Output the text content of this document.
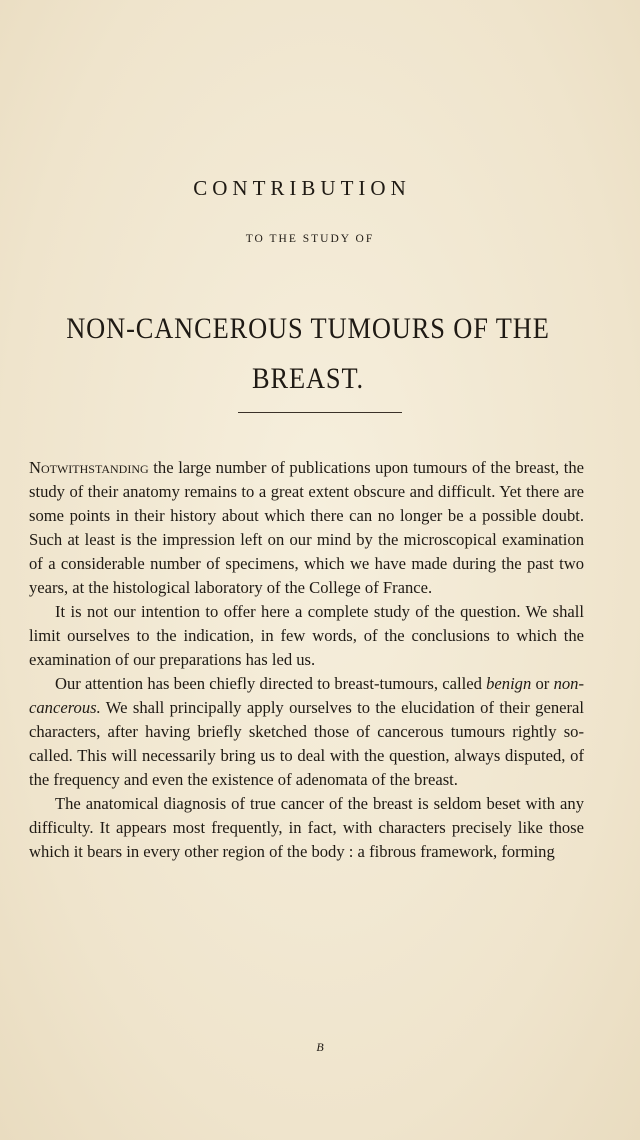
CONTRIBUTION
TO THE STUDY OF
NON-CANCEROUS TUMOURS OF THE
BREAST.

Notwithstanding the large number of publications upon tumours of the breast, the study of their anatomy remains to a great extent obscure and difficult. Yet there are some points in their history about which there can no longer be a possible doubt. Such at least is the impression left on our mind by the microscopical examination of a considerable number of specimens, which we have made during the past two years, at the histological laboratory of the College of France.

It is not our intention to offer here a complete study of the question. We shall limit ourselves to the indication, in few words, of the conclusions to which the examination of our preparations has led us.

Our attention has been chiefly directed to breast-tumours, called benign or non-cancerous. We shall principally apply ourselves to the elucidation of their general characters, after having briefly sketched those of cancerous tumours rightly so-called. This will necessarily bring us to deal with the question, always disputed, of the frequency and even the existence of adenomata of the breast.

The anatomical diagnosis of true cancer of the breast is seldom beset with any difficulty. It appears most frequently, in fact, with characters precisely like those which it bears in every other region of the body : a fibrous framework, forming

B
